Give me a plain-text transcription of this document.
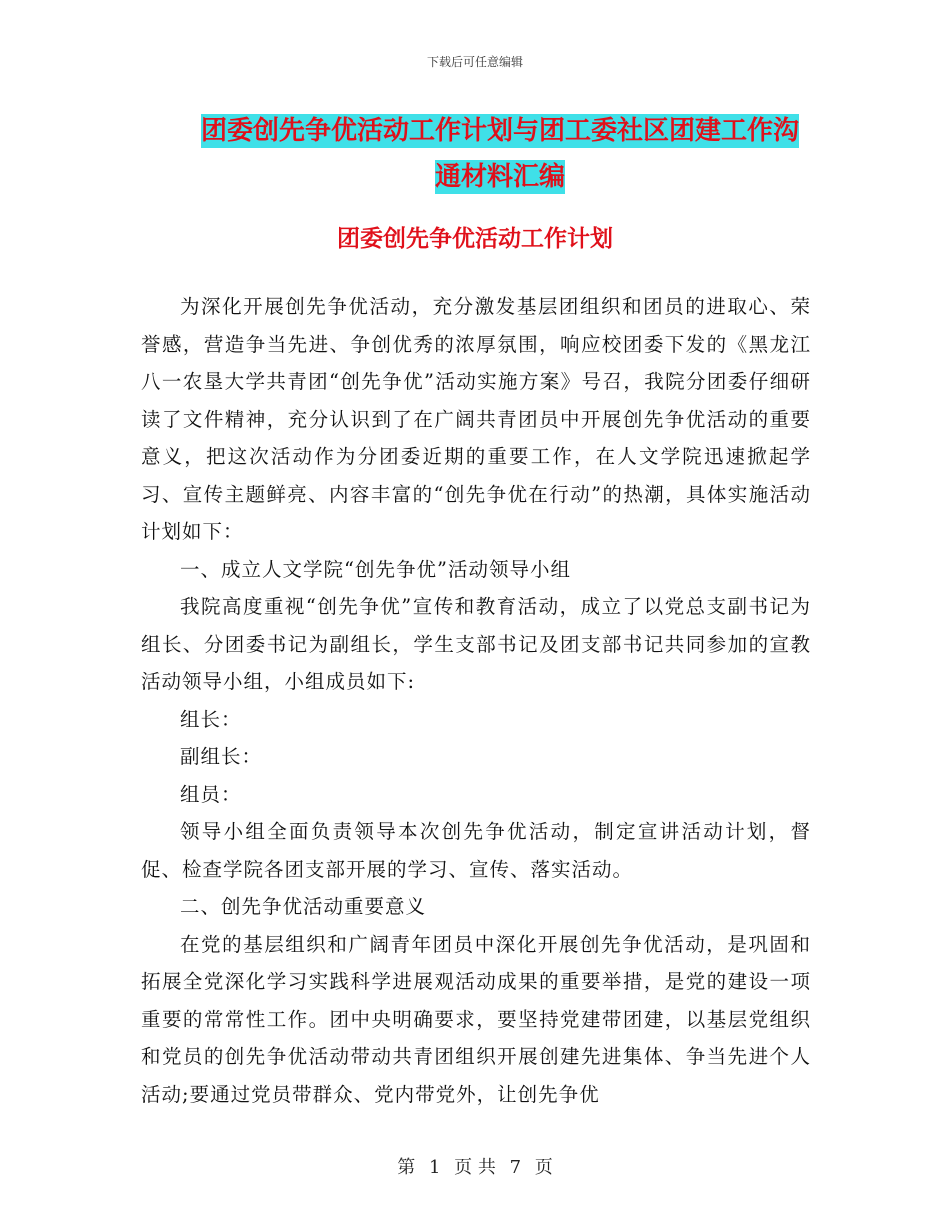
下载后可任意编辑
团委创先争优活动工作计划与团工委社区团建工作沟
通材料汇编
团委创先争优活动工作计划

为深化开展创先争优活动，充分激发基层团组织和团员的进取心、荣誉感，营造争当先进、争创优秀的浓厚氛围，响应校团委下发的《黑龙江八一农垦大学共青团“创先争优”活动实施方案》号召，我院分团委仔细研读了文件精神，充分认识到了在广阔共青团员中开展创先争优活动的重要意义，把这次活动作为分团委近期的重要工作，在人文学院迅速掀起学习、宣传主题鲜亮、内容丰富的“创先争优在行动”的热潮，具体实施活动计划如下：

一、成立人文学院“创先争优”活动领导小组

我院高度重视“创先争优”宣传和教育活动，成立了以党总支副书记为组长、分团委书记为副组长，学生支部书记及团支部书记共同参加的宣教活动领导小组，小组成员如下:

组长：

副组长：

组员：

领导小组全面负责领导本次创先争优活动，制定宣讲活动计划，督促、检查学院各团支部开展的学习、宣传、落实活动。

二、创先争优活动重要意义

在党的基层组织和广阔青年团员中深化开展创先争优活动，是巩固和拓展全党深化学习实践科学进展观活动成果的重要举措，是党的建设一项重要的常常性工作。团中央明确要求，要坚持党建带团建，以基层党组织和党员的创先争优活动带动共青团组织开展创建先进集体、争当先进个人活动;要通过党员带群众、党内带党外，让创先争优

第 1 页 共 7 页
